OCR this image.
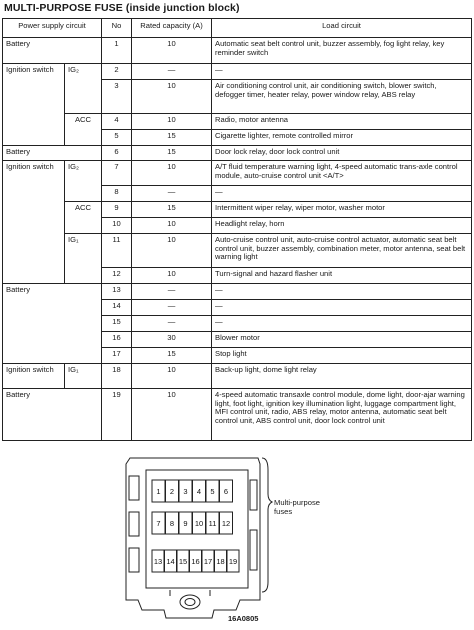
MULTI-PURPOSE FUSE (inside junction block)
Power supply circuit		No	Rated capacity (A)	Load circuit
Battery		1	10	Automatic seat belt control unit, buzzer assembly, fog light relay, key reminder switch
Ignition switch	IG₂	2	—	—
		3	10	Air conditioning control unit, air conditioning switch, blower switch, defogger timer, heater relay, power window relay, ABS relay
	ACC	4	10	Radio, motor antenna
		5	15	Cigarette lighter, remote controlled mirror
Battery		6	15	Door lock relay, door lock control unit
Ignition switch	IG₂	7	10	A/T fluid temperature warning light, 4-speed automatic trans-axle control module, auto-cruise control unit <A/T>
		8	—	—
	ACC	9	15	Intermittent wiper relay, wiper motor, washer motor
		10	10	Headlight relay, horn
	IG₁	11	10	Auto-cruise control unit, auto-cruise control actuator, automatic seat belt control unit, buzzer assembly, combination meter, motor antenna, seat belt warning light
		12	10	Turn-signal and hazard flasher unit
Battery		13	—	—
		14	—	—
		15	—	—
		16	30	Blower motor
		17	15	Stop light
Ignition switch	IG₁	18	10	Back-up light, dome light relay
Battery		19	10	4-speed automatic transaxle control module, dome light, door-ajar warning light, foot light, ignition key illumination light, luggage compartment light, MFI control unit, radio, ABS relay, motor antenna, automatic seat belt control unit, ABS control unit, door lock control unit
1 2 3 4 5 6
7 8 9 10 11 12
13 14 15 16 17 18 19
Multi-purpose fuses
16A0805
